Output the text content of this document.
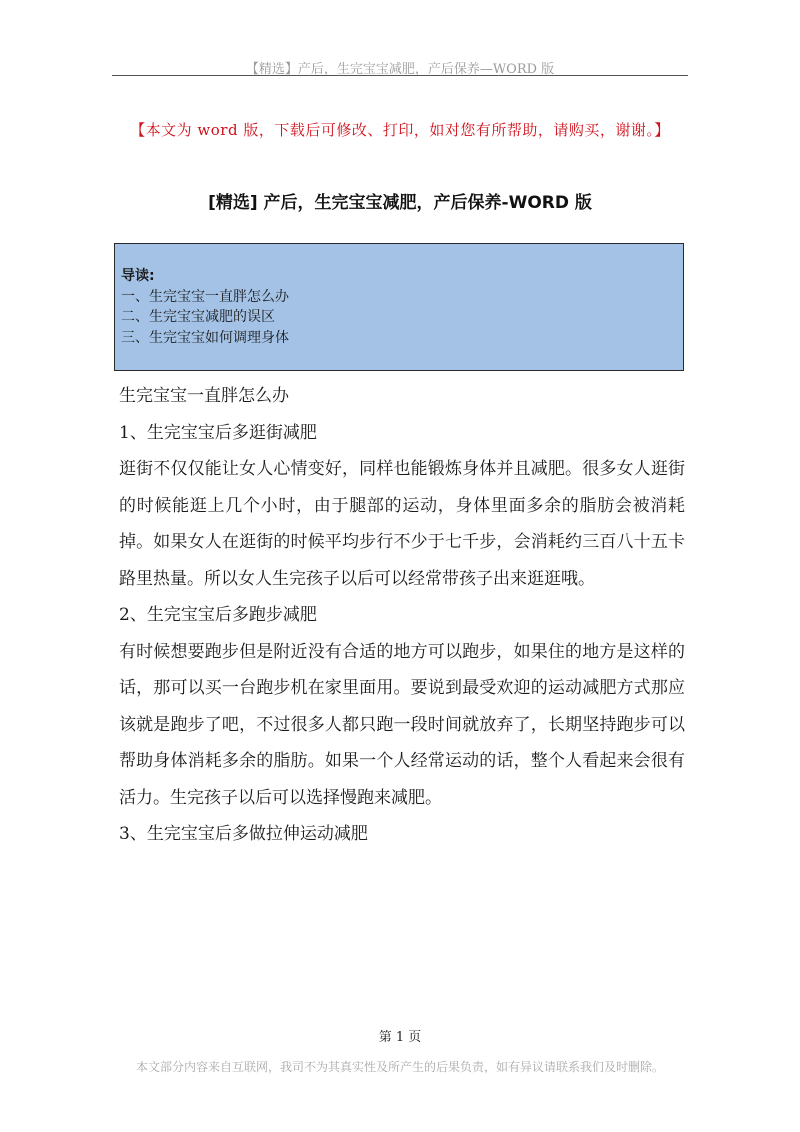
【精选】产后，生完宝宝减肥，产后保养—WORD 版
【本文为 word 版，下载后可修改、打印，如对您有所帮助，请购买，谢谢。】
[精选] 产后，生完宝宝减肥，产后保养-WORD 版
导读:
一、生完宝宝一直胖怎么办
二、生完宝宝减肥的误区
三、生完宝宝如何调理身体

生完宝宝一直胖怎么办

1、生完宝宝后多逛街减肥

逛街不仅仅能让女人心情变好，同样也能锻炼身体并且减肥。很多女人逛街的时候能逛上几个小时，由于腿部的运动，身体里面多余的脂肪会被消耗掉。如果女人在逛街的时候平均步行不少于七千步，会消耗约三百八十五卡路里热量。所以女人生完孩子以后可以经常带孩子出来逛逛哦。

2、生完宝宝后多跑步减肥

有时候想要跑步但是附近没有合适的地方可以跑步，如果住的地方是这样的话，那可以买一台跑步机在家里面用。要说到最受欢迎的运动减肥方式那应该就是跑步了吧，不过很多人都只跑一段时间就放弃了，长期坚持跑步可以帮助身体消耗多余的脂肪。如果一个人经常运动的话，整个人看起来会很有活力。生完孩子以后可以选择慢跑来减肥。

3、生完宝宝后多做拉伸运动减肥

第 1 页
本文部分内容来自互联网，我司不为其真实性及所产生的后果负责，如有异议请联系我们及时删除。
